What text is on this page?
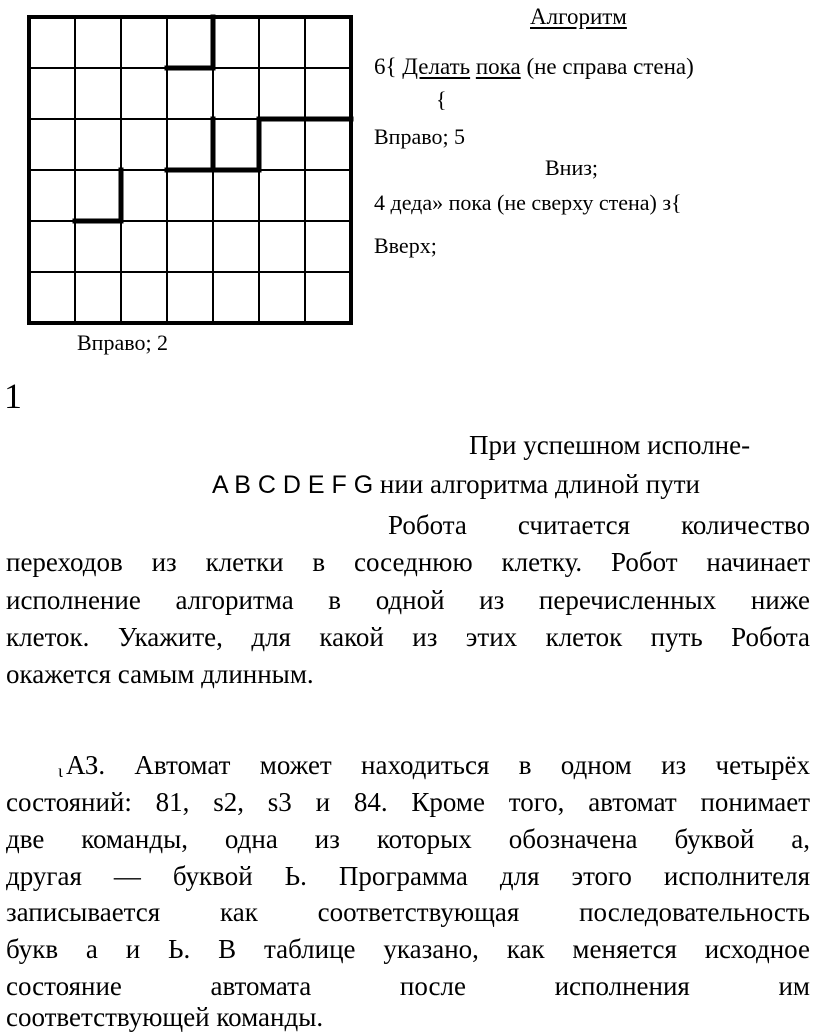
Алгоритм
6{ Делать пока (не справа стена)
{
Вправо; 5
Вниз;
4 деда» пока (не сверху стена) з{
Вверх;
Вправо; 2
1
При успешном исполне-
A B C D E F G нии алгоритма длиной пути
Робота считается количество
переходов из клетки в соседнюю клетку. Робот начинает
исполнение алгоритма в одной из перечисленных ниже
клеток. Укажите, для какой из этих клеток путь Робота
окажется самым длинным.
ι АЗ. Автомат может находиться в одном из четырёх
состояний: 81, s2, s3 и 84. Кроме того, автомат понимает
две команды, одна из которых обозначена буквой а,
другая — буквой Ь. Программа для этого исполнителя
записывается как соответствующая последовательность
букв а и Ь. В таблице указано, как меняется исходное
состояние	автомата	после	исполнения	им
соответствующей команды.
